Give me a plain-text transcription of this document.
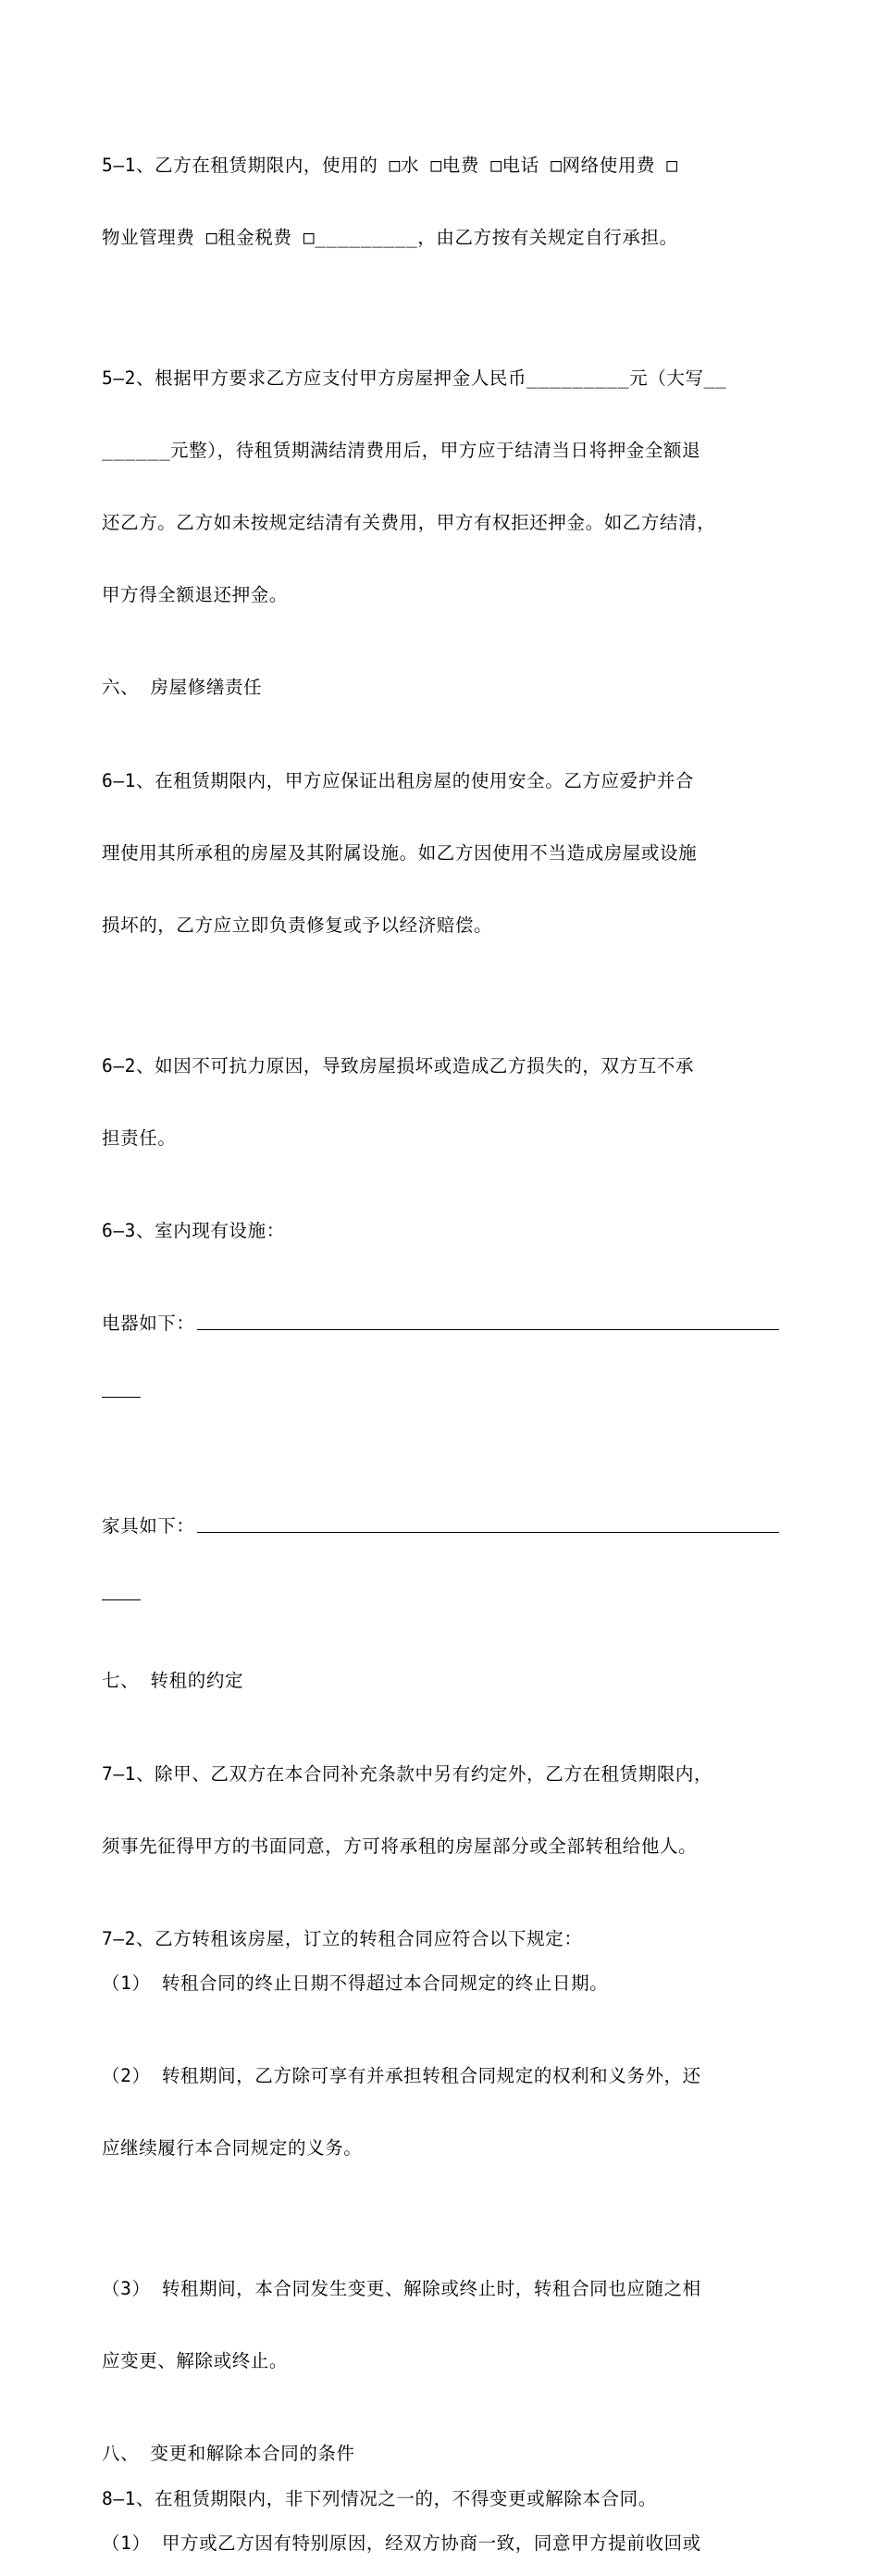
5—1、乙方在租赁期限内，使用的 □水 □电费 □电话 □网络使用费 □

物业管理费 □租金税费 □_________，由乙方按有关规定自行承担。

5—2、根据甲方要求乙方应支付甲方房屋押金人民币_________元（大写__

______元整），待租赁期满结清费用后，甲方应于结清当日将押金全额退

还乙方。乙方如未按规定结清有关费用，甲方有权拒还押金。如乙方结清，

甲方得全额退还押金。

六、 房屋修缮责任

6—1、在租赁期限内，甲方应保证出租房屋的使用安全。乙方应爱护并合

理使用其所承租的房屋及其附属设施。如乙方因使用不当造成房屋或设施

损坏的，乙方应立即负责修复或予以经济赔偿。

6—2、如因不可抗力原因，导致房屋损坏或造成乙方损失的，双方互不承

担责任。

6—3、室内现有设施：

电器如下：

家具如下：

七、 转租的约定

7—1、除甲、乙双方在本合同补充条款中另有约定外，乙方在租赁期限内，

须事先征得甲方的书面同意，方可将承租的房屋部分或全部转租给他人。

7—2、乙方转租该房屋，订立的转租合同应符合以下规定：
（1） 转租合同的终止日期不得超过本合同规定的终止日期。

（2） 转租期间，乙方除可享有并承担转租合同规定的权利和义务外，还

应继续履行本合同规定的义务。

（3） 转租期间，本合同发生变更、解除或终止时，转租合同也应随之相

应变更、解除或终止。

八、 变更和解除本合同的条件
8—1、在租赁期限内，非下列情况之一的，不得变更或解除本合同。
（1） 甲方或乙方因有特别原因，经双方协商一致，同意甲方提前收回或
